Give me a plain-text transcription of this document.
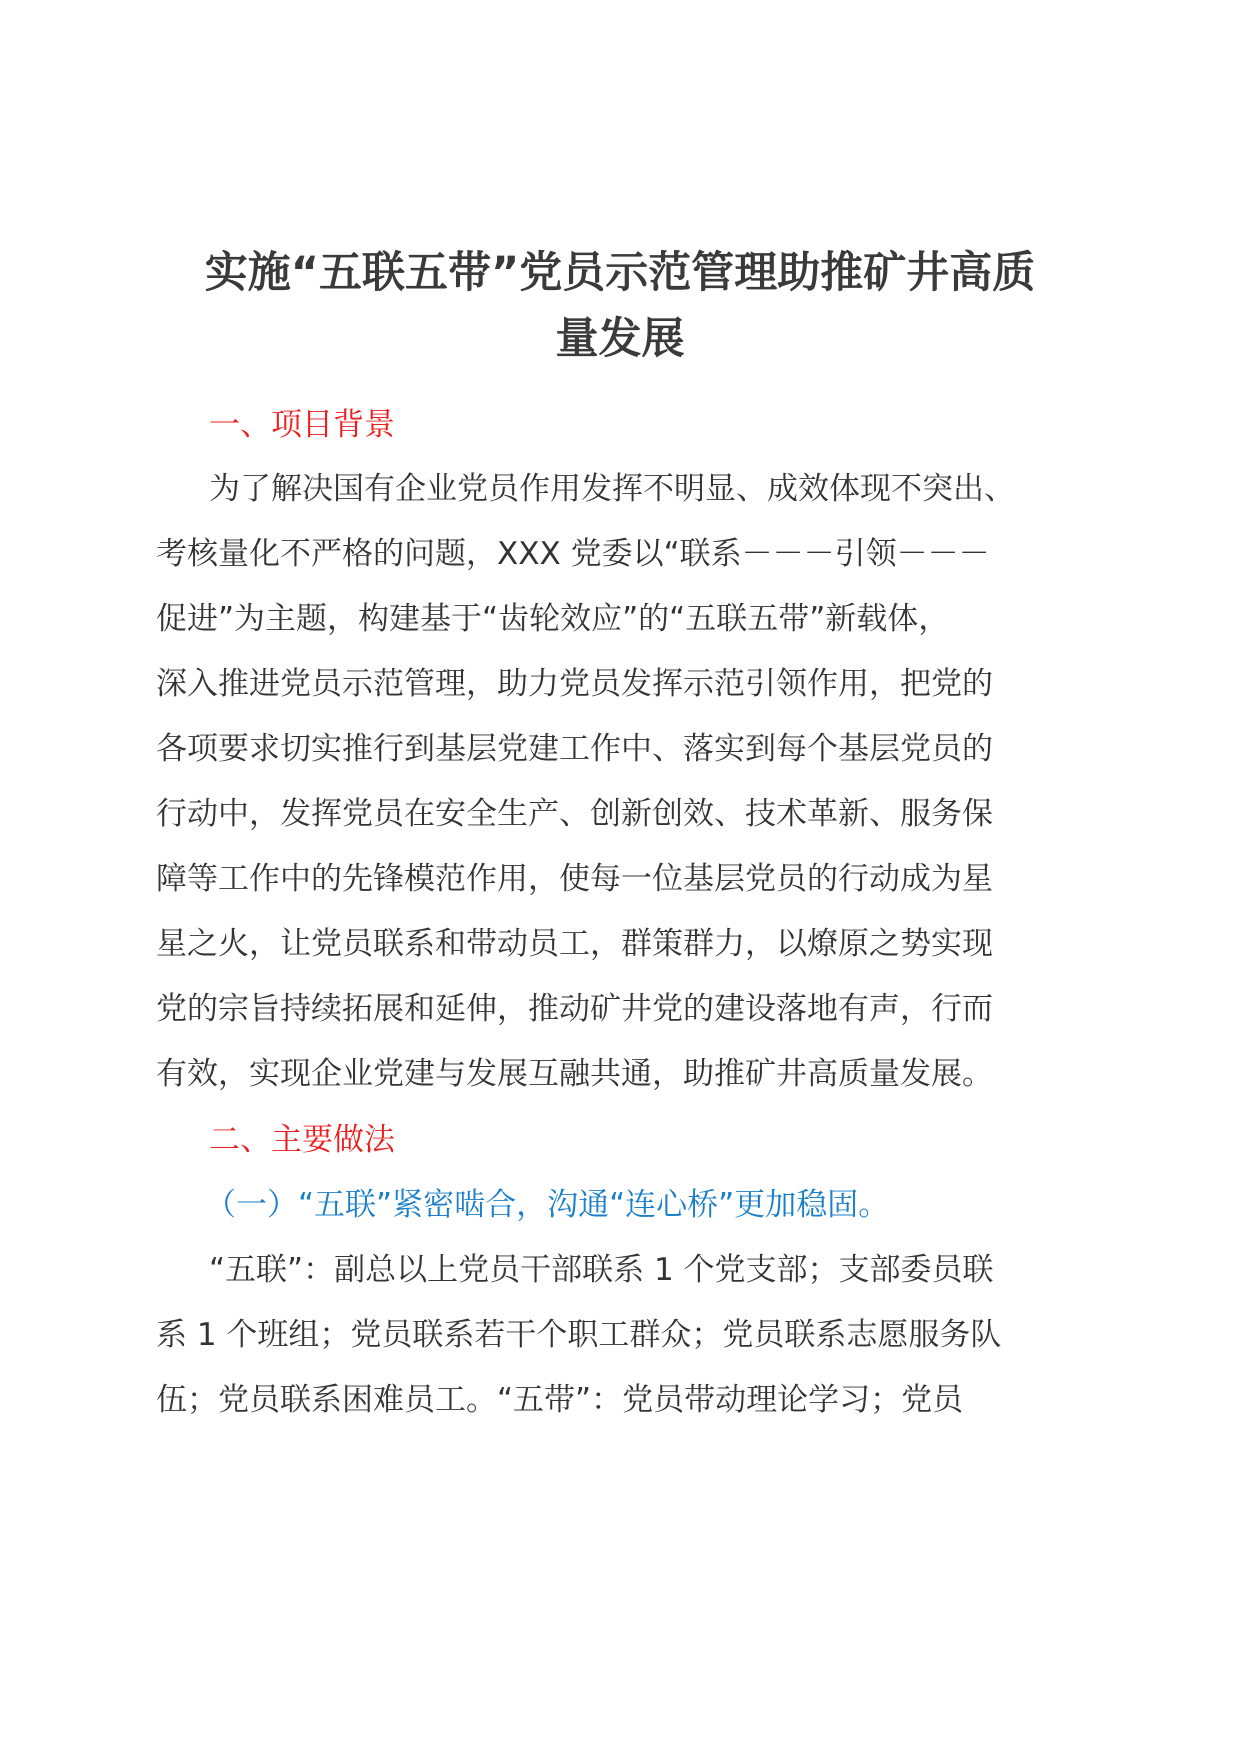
实施“五联五带”党员示范管理助推矿井高质
量发展
一、项目背景

为了解决国有企业党员作用发挥不明显、成效体现不突出、

考核量化不严格的问题，XXX 党委以“联系－－－引领－－－

促进”为主题，构建基于“齿轮效应”的“五联五带”新载体，

深入推进党员示范管理，助力党员发挥示范引领作用，把党的

各项要求切实推行到基层党建工作中、落实到每个基层党员的

行动中，发挥党员在安全生产、创新创效、技术革新、服务保

障等工作中的先锋模范作用，使每一位基层党员的行动成为星

星之火，让党员联系和带动员工，群策群力，以燎原之势实现

党的宗旨持续拓展和延伸，推动矿井党的建设落地有声，行而

有效，实现企业党建与发展互融共通，助推矿井高质量发展。

二、主要做法
（一）“五联”紧密啮合，沟通“连心桥”更加稳固。

“五联”：副总以上党员干部联系 1 个党支部；支部委员联

系 1 个班组；党员联系若干个职工群众；党员联系志愿服务队

伍；党员联系困难员工。“五带”：党员带动理论学习；党员
